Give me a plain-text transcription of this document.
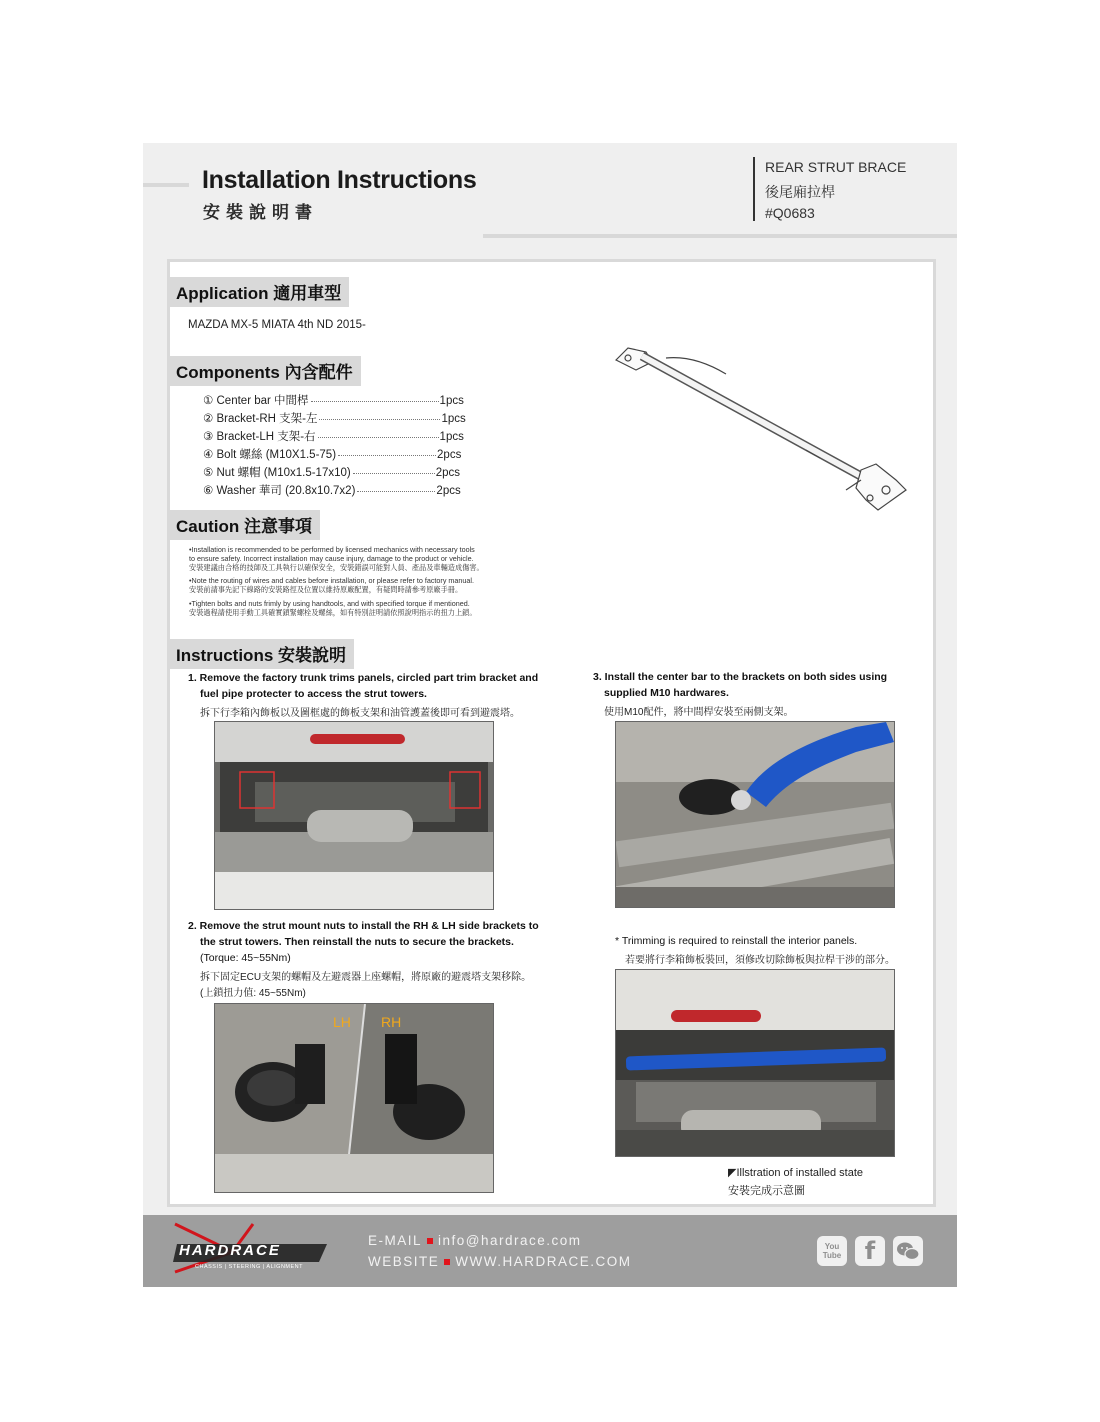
Installation Instructions
安裝說明書
REAR STRUT BRACE
後尾廂拉桿
#Q0683
Application 適用車型
MAZDA MX-5 MIATA 4th ND 2015-
Components 內含配件
① Center bar 中間桿	1pcs
② Bracket-RH 支架-左	1pcs
③ Bracket-LH 支架-右	1pcs
④ Bolt 螺絲 (M10X1.5-75)	2pcs
⑤ Nut 螺帽 (M10x1.5-17x10)	2pcs
⑥ Washer 華司 (20.8x10.7x2)	2pcs
Caution 注意事項
•Installation is recommended to be performed by licensed mechanics with necessary tools
to ensure safety. Incorrect installation may cause injury, damage to the product or vehicle.
安裝建議由合格的技師及工具執行以確保安全，安裝錯誤可能對人員、產品及車輛造成傷害。
•Note the routing of wires and cables before installation, or please refer to factory manual.
安裝前請事先記下線路的安裝路徑及位置以維持原廠配置，有疑問時請參考原廠手冊。
•Tighten bolts and nuts frimly by using handtools, and with specified torque if mentioned.
安裝過程請使用手動工具確實鎖緊螺栓及螺絲，如有特別註明請依照說明指示的扭力上鎖。
Instructions 安裝說明
1. Remove the factory trunk trims panels, circled part trim bracket and
fuel pipe protecter to access the strut towers.
拆下行李箱內飾板以及圖框處的飾板支架和油管護蓋後即可看到避震塔。
2. Remove the strut mount nuts to install the RH & LH side brackets to
the strut towers. Then reinstall the nuts to secure the brackets.
(Torque: 45~55Nm)
拆下固定ECU支架的螺帽及左避震器上座螺帽，將原廠的避震塔支架移除。
(上鎖扭力值: 45~55Nm)
LH RH
3. Install the center bar to the brackets on both sides using
supplied M10 hardwares.
使用M10配件，將中間桿安裝至兩側支架。
* Trimming is required to reinstall the interior panels.
若要將行李箱飾板裝回，須修改切除飾板與拉桿干涉的部分。
◤Illstration of installed state
安裝完成示意圖
HARDRACE
CHASSIS | STEERING | ALIGNMENT
E-MAIL info@hardrace.com
WEBSITE WWW.HARDRACE.COM
You Tube f
